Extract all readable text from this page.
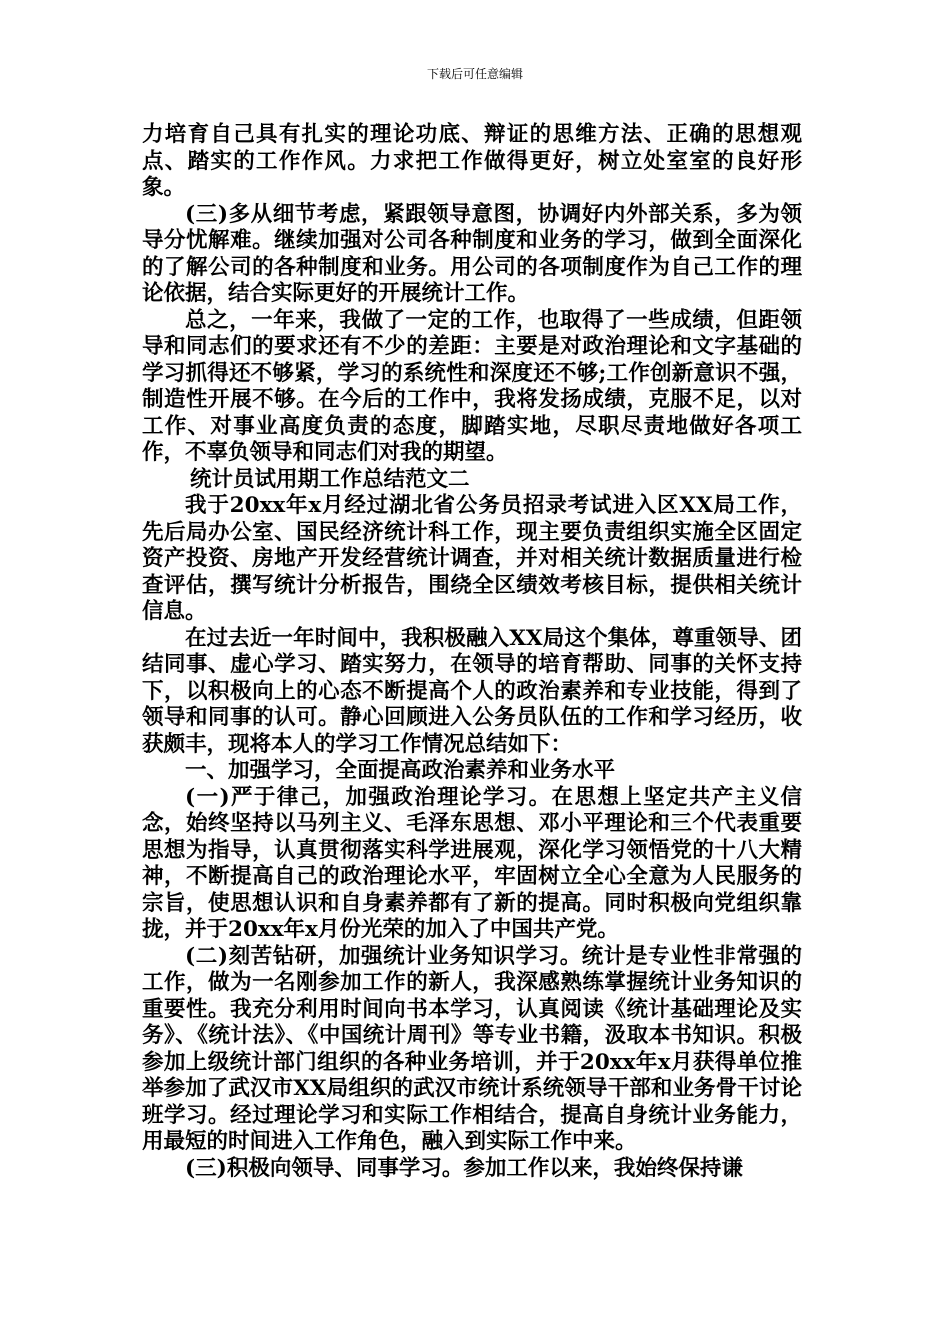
下载后可任意编辑

力培育自己具有扎实的理论功底、辩证的思维方法、正确的思想观点、踏实的工作作风。力求把工作做得更好，树立处室室的良好形象。

(三)多从细节考虑，紧跟领导意图，协调好内外部关系，多为领导分忧解难。继续加强对公司各种制度和业务的学习，做到全面深化的了解公司的各种制度和业务。用公司的各项制度作为自己工作的理论依据，结合实际更好的开展统计工作。

总之，一年来，我做了一定的工作，也取得了一些成绩，但距领导和同志们的要求还有不少的差距：主要是对政治理论和文字基础的学习抓得还不够紧，学习的系统性和深度还不够;工作创新意识不强，制造性开展不够。在今后的工作中，我将发扬成绩，克服不足，以对工作、对事业高度负责的态度，脚踏实地，尽职尽责地做好各项工作，不辜负领导和同志们对我的期望。

统计员试用期工作总结范文二

我于20xx年x月经过湖北省公务员招录考试进入区XX局工作，先后局办公室、国民经济统计科工作，现主要负责组织实施全区固定资产投资、房地产开发经营统计调查，并对相关统计数据质量进行检查评估，撰写统计分析报告，围绕全区绩效考核目标，提供相关统计信息。

在过去近一年时间中，我积极融入XX局这个集体，尊重领导、团结同事、虚心学习、踏实努力，在领导的培育帮助、同事的关怀支持下，以积极向上的心态不断提高个人的政治素养和专业技能，得到了领导和同事的认可。静心回顾进入公务员队伍的工作和学习经历，收获颇丰，现将本人的学习工作情况总结如下：

一、加强学习，全面提高政治素养和业务水平

(一)严于律己，加强政治理论学习。在思想上坚定共产主义信念，始终坚持以马列主义、毛泽东思想、邓小平理论和三个代表重要思想为指导，认真贯彻落实科学进展观，深化学习领悟党的十八大精神，不断提高自己的政治理论水平，牢固树立全心全意为人民服务的宗旨，使思想认识和自身素养都有了新的提高。同时积极向党组织靠拢，并于20xx年x月份光荣的加入了中国共产党。

(二)刻苦钻研，加强统计业务知识学习。统计是专业性非常强的工作，做为一名刚参加工作的新人，我深感熟练掌握统计业务知识的重要性。我充分利用时间向书本学习，认真阅读《统计基础理论及实务》、《统计法》、《中国统计周刊》等专业书籍，汲取本书知识。积极参加上级统计部门组织的各种业务培训，并于20xx年x月获得单位推举参加了武汉市XX局组织的武汉市统计系统领导干部和业务骨干讨论班学习。经过理论学习和实际工作相结合，提高自身统计业务能力，用最短的时间进入工作角色，融入到实际工作中来。

(三)积极向领导、同事学习。参加工作以来，我始终保持谦
